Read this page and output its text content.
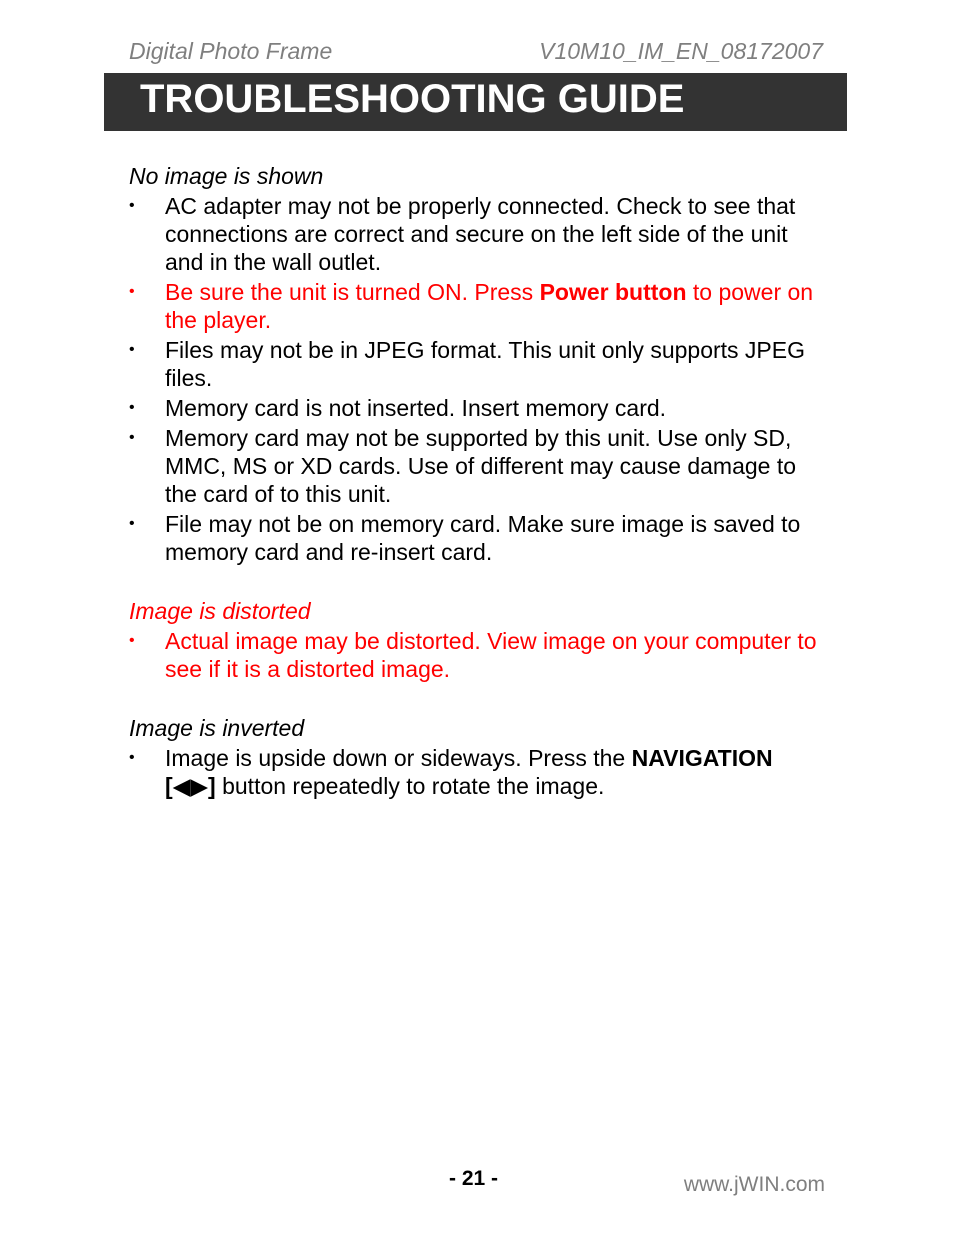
Digital Photo Frame	V10M10_IM_EN_08172007
TROUBLESHOOTING GUIDE
No image is shown
•	AC adapter may not be properly connected. Check to see that connections are correct and secure on the left side of the unit and in the wall outlet.
•	Be sure the unit is turned ON. Press Power button to power on the player.
•	Files may not be in JPEG format. This unit only supports JPEG files.
•	Memory card is not inserted. Insert memory card.
•	Memory card may not be supported by this unit. Use only SD, MMC, MS or XD cards. Use of different may cause damage to the card of to this unit.
•	File may not be on memory card. Make sure image is saved to memory card and re-insert card.
Image is distorted
•	Actual image may be distorted. View image on your computer to see if it is a distorted image.
Image is inverted
•	Image is upside down or sideways. Press the NAVIGATION [◀▶] button repeatedly to rotate the image.
- 21 -	www.jWIN.com
